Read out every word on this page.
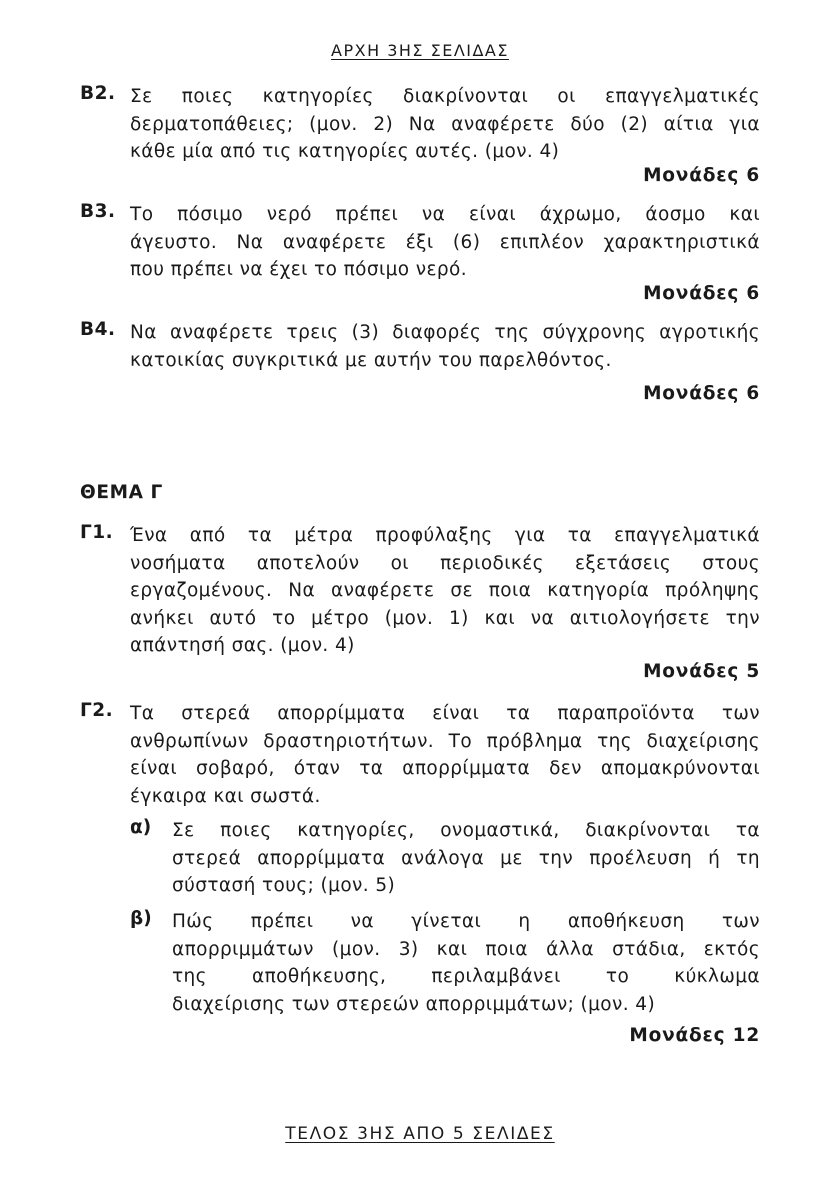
ΑΡΧΗ 3ΗΣ ΣΕΛΙΔΑΣ
Β2. Σε ποιες κατηγορίες διακρίνονται οι επαγγελματικές
δερματοπάθειες; (μον. 2) Να αναφέρετε δύο (2) αίτια για
κάθε μία από τις κατηγορίες αυτές. (μον. 4)
Μονάδες 6
Β3. Το πόσιμο νερό πρέπει να είναι άχρωμο, άοσμο και
άγευστο. Να αναφέρετε έξι (6) επιπλέον χαρακτηριστικά
που πρέπει να έχει το πόσιμο νερό.
Μονάδες 6
Β4. Να αναφέρετε τρεις (3) διαφορές της σύγχρονης αγροτικής
κατοικίας συγκριτικά με αυτήν του παρελθόντος.
Μονάδες 6
ΘΕΜΑ Γ
Γ1. Ένα από τα μέτρα προφύλαξης για τα επαγγελματικά
νοσήματα αποτελούν οι περιοδικές εξετάσεις στους
εργαζομένους. Να αναφέρετε σε ποια κατηγορία πρόληψης
ανήκει αυτό το μέτρο (μον. 1) και να αιτιολογήσετε την
απάντησή σας. (μον. 4)
Μονάδες 5
Γ2. Τα στερεά απορρίμματα είναι τα παραπροϊόντα των
ανθρωπίνων δραστηριοτήτων. Το πρόβλημα της διαχείρισης
είναι σοβαρό, όταν τα απορρίμματα δεν απομακρύνονται
έγκαιρα και σωστά.
α) Σε ποιες κατηγορίες, ονομαστικά, διακρίνονται τα
στερεά απορρίμματα ανάλογα με την προέλευση ή τη
σύστασή τους; (μον. 5)
β) Πώς πρέπει να γίνεται η αποθήκευση των
απορριμμάτων (μον. 3) και ποια άλλα στάδια, εκτός
της αποθήκευσης, περιλαμβάνει το κύκλωμα
διαχείρισης των στερεών απορριμμάτων; (μον. 4)
Μονάδες 12
ΤΕΛΟΣ 3ΗΣ ΑΠΟ 5 ΣΕΛΙΔΕΣ
